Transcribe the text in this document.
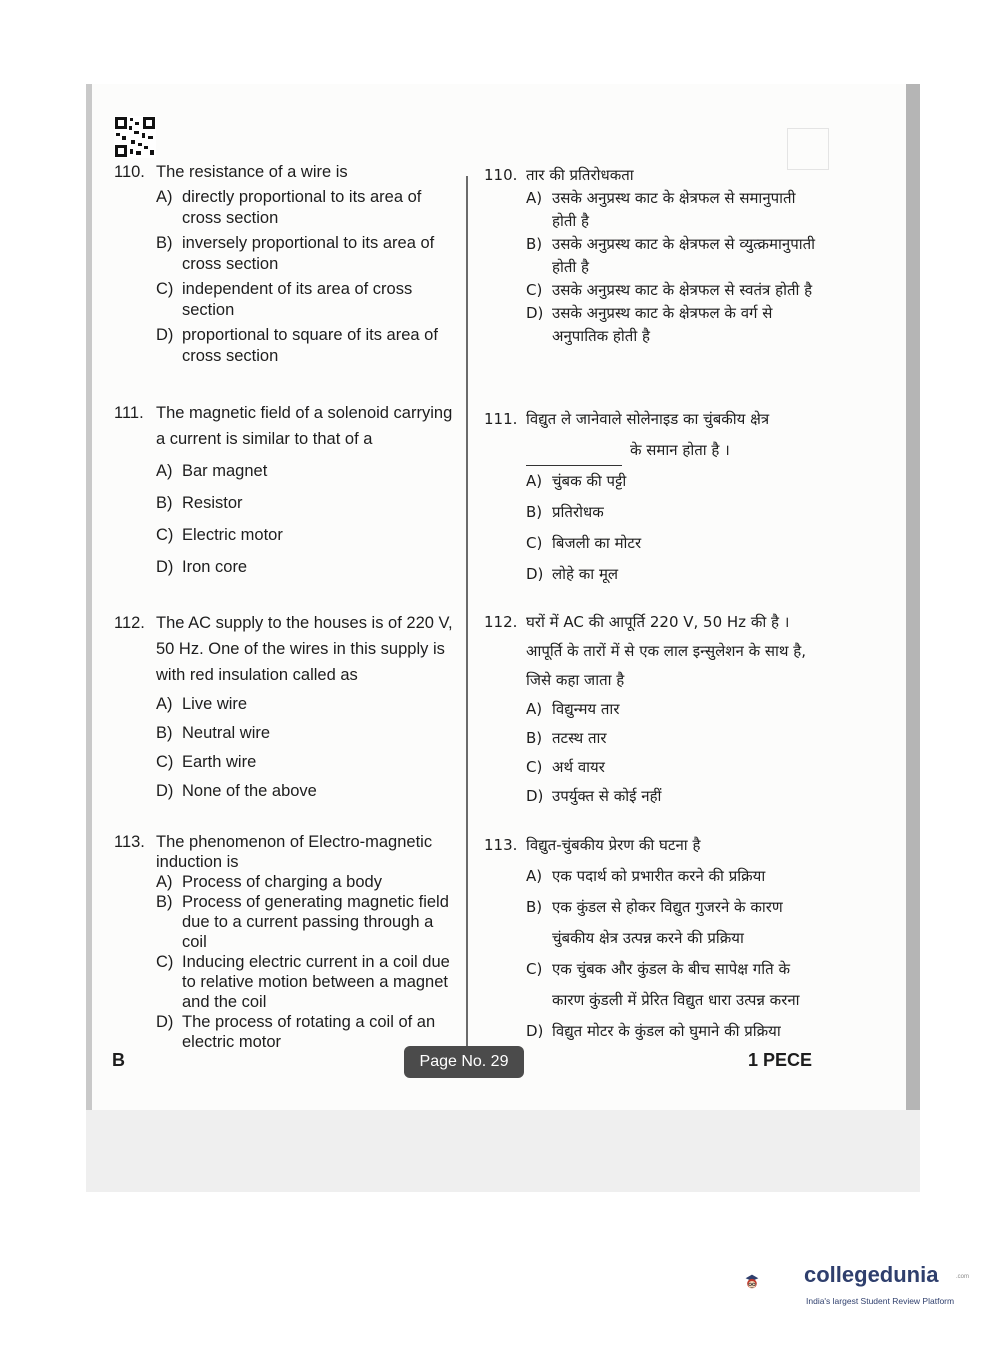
110. The resistance of a wire is
A) directly proportional to its area of cross section
B) inversely proportional to its area of cross section
C) independent of its area of cross section
D) proportional to square of its area of cross section
111. The magnetic field of a solenoid carrying a current is similar to that of a
A) Bar magnet
B) Resistor
C) Electric motor
D) Iron core
112. The AC supply to the houses is of 220 V, 50 Hz. One of the wires in this supply is with red insulation called as
A) Live wire
B) Neutral wire
C) Earth wire
D) None of the above
113. The phenomenon of Electro-magnetic induction is
A) Process of charging a body
B) Process of generating magnetic field due to a current passing through a coil
C) Inducing electric current in a coil due to relative motion between a magnet and the coil
D) The process of rotating a coil of an electric motor
110. तार की प्रतिरोधकता
A) उसके अनुप्रस्थ काट के क्षेत्रफल से समानुपाती होती है
B) उसके अनुप्रस्थ काट के क्षेत्रफल से व्युत्क्रमानुपाती होती है
C) उसके अनुप्रस्थ काट के क्षेत्रफल से स्वतंत्र होती है
D) उसके अनुप्रस्थ काट के क्षेत्रफल के वर्ग से अनुपातिक होती है
111. विद्युत ले जानेवाले सोलेनाइड का चुंबकीय क्षेत्र
के समान होता है ।
A) चुंबक की पट्टी
B) प्रतिरोधक
C) बिजली का मोटर
D) लोहे का मूल
112. घरों में AC की आपूर्ति 220 V, 50 Hz की है । आपूर्ति के तारों में से एक लाल इन्सुलेशन के साथ है, जिसे कहा जाता है
A) विद्युन्मय तार
B) तटस्थ तार
C) अर्थ वायर
D) उपर्युक्त से कोई नहीं
113. विद्युत-चुंबकीय प्रेरण की घटना है
A) एक पदार्थ को प्रभारीत करने की प्रक्रिया
B) एक कुंडल से होकर विद्युत गुजरने के कारण चुंबकीय क्षेत्र उत्पन्न करने की प्रक्रिया
C) एक चुंबक और कुंडल के बीच सापेक्ष गति के कारण कुंडली में प्रेरित विद्युत धारा उत्पन्न करना
D) विद्युत मोटर के कुंडल को घुमाने की प्रक्रिया
B	Page No. 29	1 PECE
collegedunia	.com
India's largest Student Review Platform
